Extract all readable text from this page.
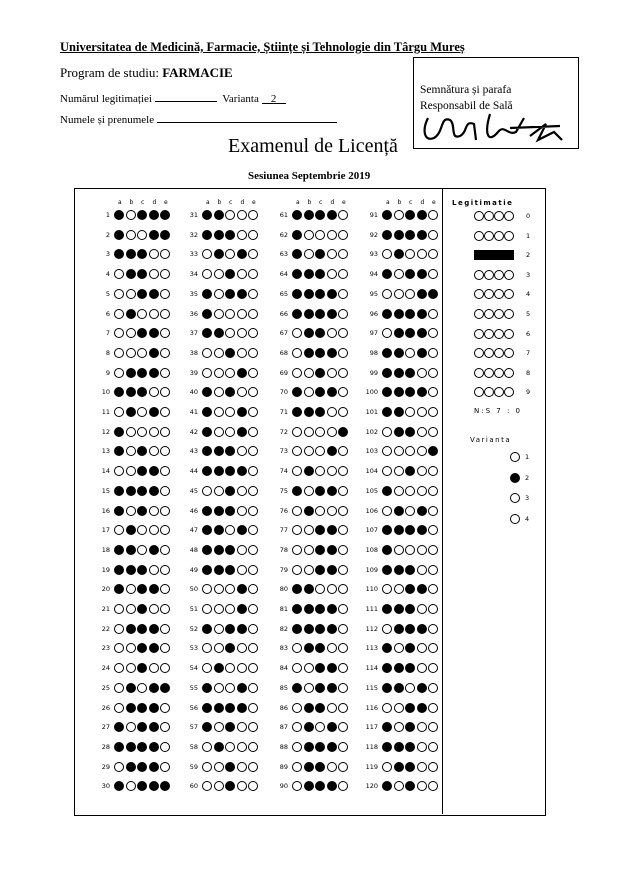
Universitatea de Medicină, Farmacie, Științe și Tehnologie din Târgu Mureș
Program de studiu: FARMACIE
Numărul legitimației	Varianta 2
Numele și prenumele
Semnătura și parafa
Responsabil de Sală
Examenul de Licență
Sesiunea Septembrie 2019
a b c d e
1
2
3
4
5
6
7
8
9
10
11
12
13
14
15
16
17
18
19
20
21
22
23
24
25
26
27
28
29
30
a b c d e
31
32
33
34
35
36
37
38
39
40
41
42
43
44
45
46
47
48
49
50
51
52
53
54
55
56
57
58
59
60
a b c d e
61
62
63
64
65
66
67
68
69
70
71
72
73
74
75
76
77
78
79
80
81
82
83
84
85
86
87
88
89
90
a b c d e
91
92
93
94
95
96
97
98
99
100
101
102
103
104
105
106
107
108
109
110
111
112
113
114
115
116
117
118
119
120
Legitimatie
0
1
2
3
4
5
6
7
8
9
N:S 7 : 0
Varianta
1
2
3
4
